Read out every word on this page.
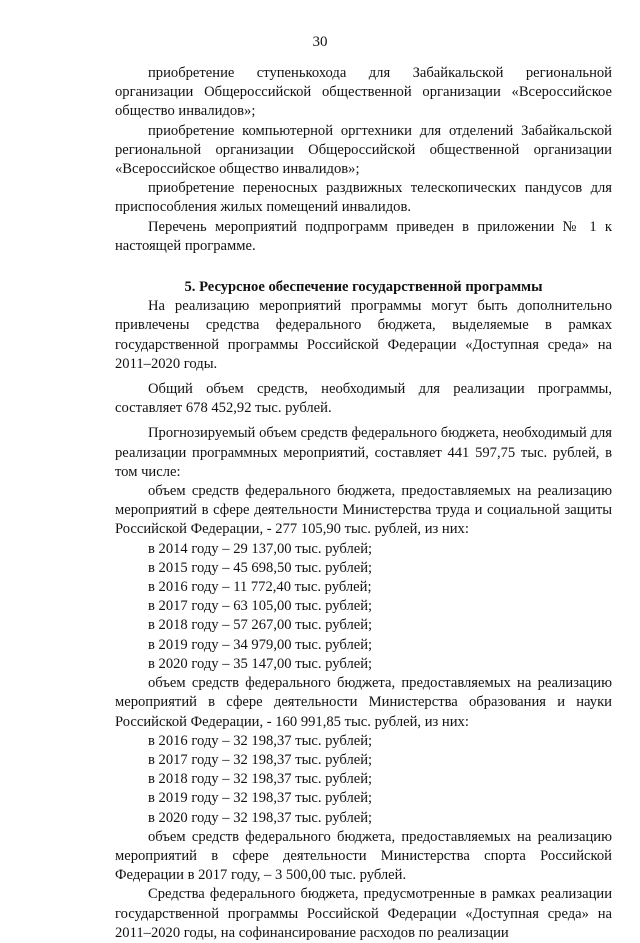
30

приобретение ступенькохода для Забайкальской региональной организации Общероссийской общественной организации «Всероссийское общество инвалидов»;

приобретение компьютерной оргтехники для отделений Забайкальской региональной организации Общероссийской общественной организации «Всероссийское общество инвалидов»;

приобретение переносных раздвижных телескопических пандусов для приспособления жилых помещений инвалидов.

Перечень мероприятий подпрограмм приведен в приложении № 1 к настоящей программе.

5. Ресурсное обеспечение государственной программы

На реализацию мероприятий программы могут быть дополнительно привлечены средства федерального бюджета, выделяемые в рамках государственной программы Российской Федерации «Доступная среда» на 2011–2020 годы.

Общий объем средств, необходимый для реализации программы, составляет 678 452,92 тыс. рублей.

Прогнозируемый объем средств федерального бюджета, необходимый для реализации программных мероприятий, составляет 441 597,75 тыс. рублей, в том числе:

объем средств федерального бюджета, предоставляемых на реализацию мероприятий в сфере деятельности Министерства труда и социальной защиты Российской Федерации, - 277 105,90 тыс. рублей, из них:

в 2014 году – 29 137,00 тыс. рублей;

в 2015 году – 45 698,50 тыс. рублей;

в 2016 году – 11 772,40 тыс. рублей;

в 2017 году – 63 105,00 тыс. рублей;

в 2018 году – 57 267,00 тыс. рублей;

в 2019 году – 34 979,00 тыс. рублей;

в 2020 году – 35 147,00 тыс. рублей;

объем средств федерального бюджета, предоставляемых на реализацию мероприятий в сфере деятельности Министерства образования и науки Российской Федерации, - 160 991,85 тыс. рублей, из них:

в 2016 году – 32 198,37 тыс. рублей;

в 2017 году – 32 198,37 тыс. рублей;

в 2018 году – 32 198,37 тыс. рублей;

в 2019 году – 32 198,37 тыс. рублей;

в 2020 году – 32 198,37 тыс. рублей;

объем средств федерального бюджета, предоставляемых на реализацию мероприятий в сфере деятельности Министерства спорта Российской Федерации в 2017 году, – 3 500,00 тыс. рублей.

Средства федерального бюджета, предусмотренные в рамках реализации государственной программы Российской Федерации «Доступная среда» на 2011–2020 годы, на софинансирование расходов по реализации
